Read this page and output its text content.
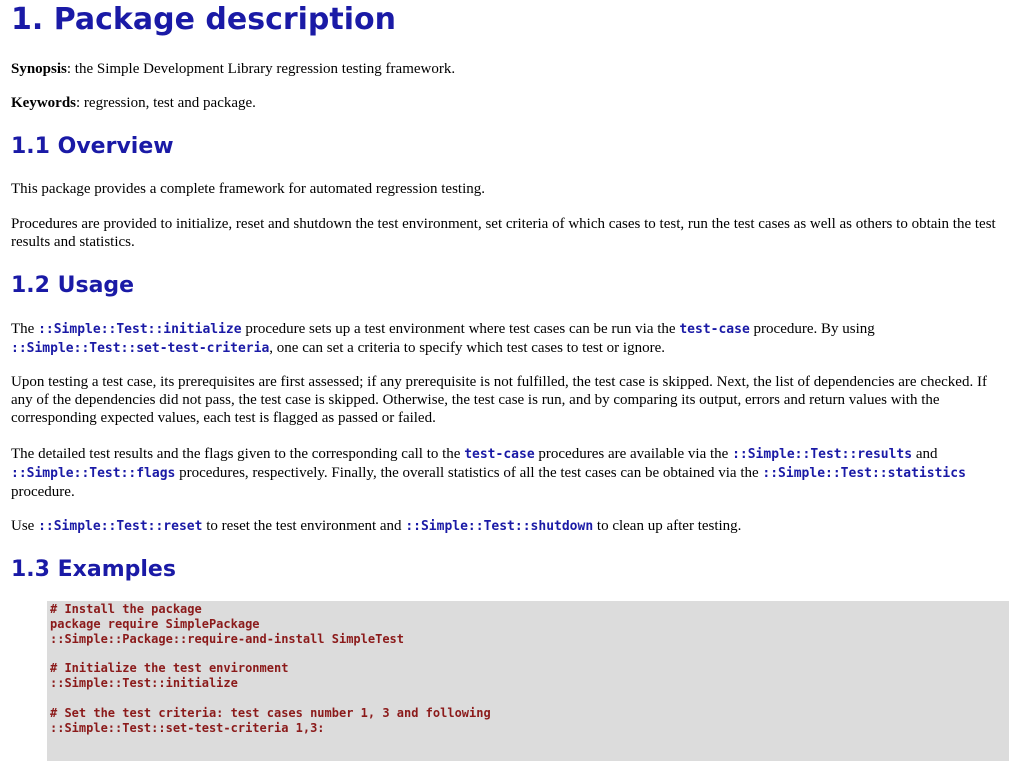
1. Package description

Synopsis: the Simple Development Library regression testing framework.

Keywords: regression, test and package.

1.1 Overview

This package provides a complete framework for automated regression testing.

Procedures are provided to initialize, reset and shutdown the test environment, set criteria of which cases to test, run the test cases as well as others to obtain the test results and statistics.

1.2 Usage

The ::Simple::Test::initialize procedure sets up a test environment where test cases can be run via the test-case procedure. By using ::Simple::Test::set-test-criteria, one can set a criteria to specify which test cases to test or ignore.

Upon testing a test case, its prerequisites are first assessed; if any prerequisite is not fulfilled, the test case is skipped. Next, the list of dependencies are checked. If any of the dependencies did not pass, the test case is skipped. Otherwise, the test case is run, and by comparing its output, errors and return values with the corresponding expected values, each test is flagged as passed or failed.

The detailed test results and the flags given to the corresponding call to the test-case procedures are available via the ::Simple::Test::results and ::Simple::Test::flags procedures, respectively. Finally, the overall statistics of all the test cases can be obtained via the ::Simple::Test::statistics procedure.

Use ::Simple::Test::reset to reset the test environment and ::Simple::Test::shutdown to clean up after testing.

1.3 Examples
# Install the package
package require SimplePackage
::Simple::Package::require-and-install SimpleTest
# Initialize the test environment
::Simple::Test::initialize
# Set the test criteria: test cases number 1, 3 and following
::Simple::Test::set-test-criteria 1,3:
